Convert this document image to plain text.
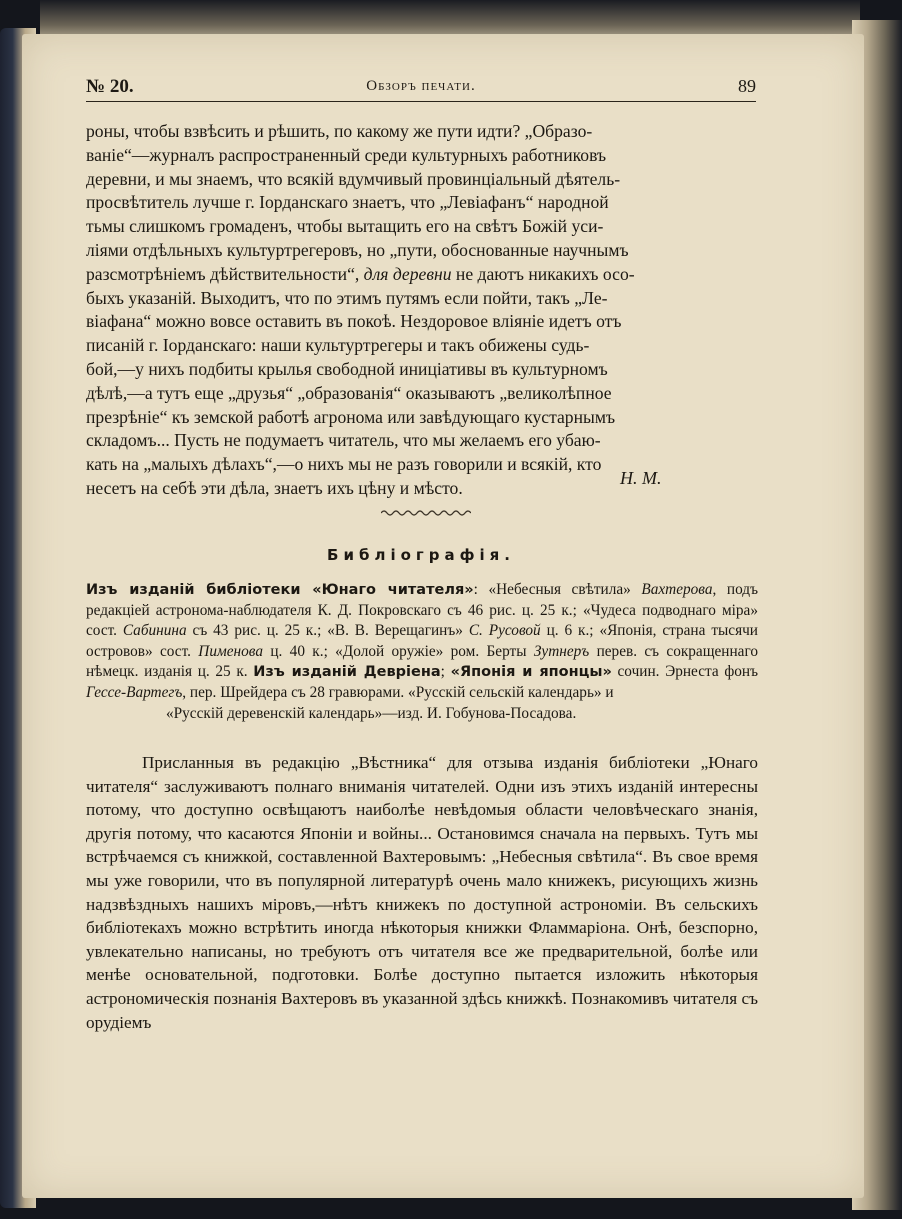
№ 20.	Обзоръ печати.	89

роны, чтобы взвѣсить и рѣшить, по какому же пути идти? „Образо-

ваніе“—журналъ распространенный среди культурныхъ работниковъ

деревни, и мы знаемъ, что всякій вдумчивый провинціальный дѣятель-

просвѣтитель лучше г. Іорданскаго знаетъ, что „Левіафанъ“ народной

тьмы слишкомъ громаденъ, чтобы вытащить его на свѣтъ Божій уси-

ліями отдѣльныхъ культуртрегеровъ, но „пути, обоснованные научнымъ

разсмотрѣніемъ дѣйствительности“, для деревни не даютъ никакихъ осо-

быхъ указаній. Выходитъ, что по этимъ путямъ если пойти, такъ „Ле-

віафана“ можно вовсе оставить въ покоѣ. Нездоровое вліяніе идетъ отъ

писаній г. Іорданскаго: наши культуртрегеры и такъ обижены судь-

бой,—у нихъ подбиты крылья свободной иниціативы въ культурномъ

дѣлѣ,—а тутъ еще „друзья“ „образованія“ оказываютъ „великолѣпное

презрѣніе“ къ земской работѣ агронома или завѣдующаго кустарнымъ

складомъ... Пусть не подумаетъ читатель, что мы желаемъ его убаю-

кать на „малыхъ дѣлахъ“,—о нихъ мы не разъ говорили и всякій, кто

несетъ на себѣ эти дѣла, знаетъ ихъ цѣну и мѣсто.	Н. М.
Библіографія.

Изъ изданій библіотеки «Юнаго читателя»: «Небесныя свѣтила» Вахтерова, подъ редакціей астронома-наблюдателя К. Д. Покровскаго съ 46 рис. ц. 25 к.; «Чудеса подводнаго міра» сост. Сабинина съ 43 рис. ц. 25 к.; «В. В. Верещагинъ» С. Русовой ц. 6 к.; «Японія, страна тысячи островов» сост. Пименова ц. 40 к.; «Долой оружіе» ром. Берты Зутнеръ перев. съ сокращеннаго нѣмецк. изданія ц. 25 к. Изъ изданій Девріена; «Японія и японцы» сочин. Эрнеста фонъ Гессе-Вартегъ, пер. Шрейдера съ 28 гравюрами. «Русскій сельскій календарь» и

«Русскій деревенскій календарь»—изд. И. Гобунова-Посадова.

Присланныя въ редакцію „Вѣстника“ для отзыва изданія библіотеки „Юнаго читателя“ заслуживаютъ полнаго вниманія читателей. Одни изъ этихъ изданій интересны потому, что доступно освѣщаютъ наиболѣе невѣдомыя области человѣческаго знанія, другія потому, что касаются Японіи и войны... Остановимся сначала на первыхъ. Тутъ мы встрѣчаемся съ книжкой, составленной Вахтеровымъ: „Небесныя свѣтила“. Въ свое время мы уже говорили, что въ популярной литературѣ очень мало книжекъ, рисующихъ жизнь надзвѣздныхъ нашихъ міровъ,—нѣтъ книжекъ по доступной астрономіи. Въ сельскихъ библіотекахъ можно встрѣтить иногда нѣкоторыя книжки Фламмаріона. Онѣ, безспорно, увлекательно написаны, но требуютъ отъ читателя все же предварительной, болѣе или менѣе основательной, подготовки. Болѣе доступно пытается изложить нѣкоторыя астрономическія познанія Вахтеровъ въ указанной здѣсь книжкѣ. Познакомивъ читателя съ орудіемъ
